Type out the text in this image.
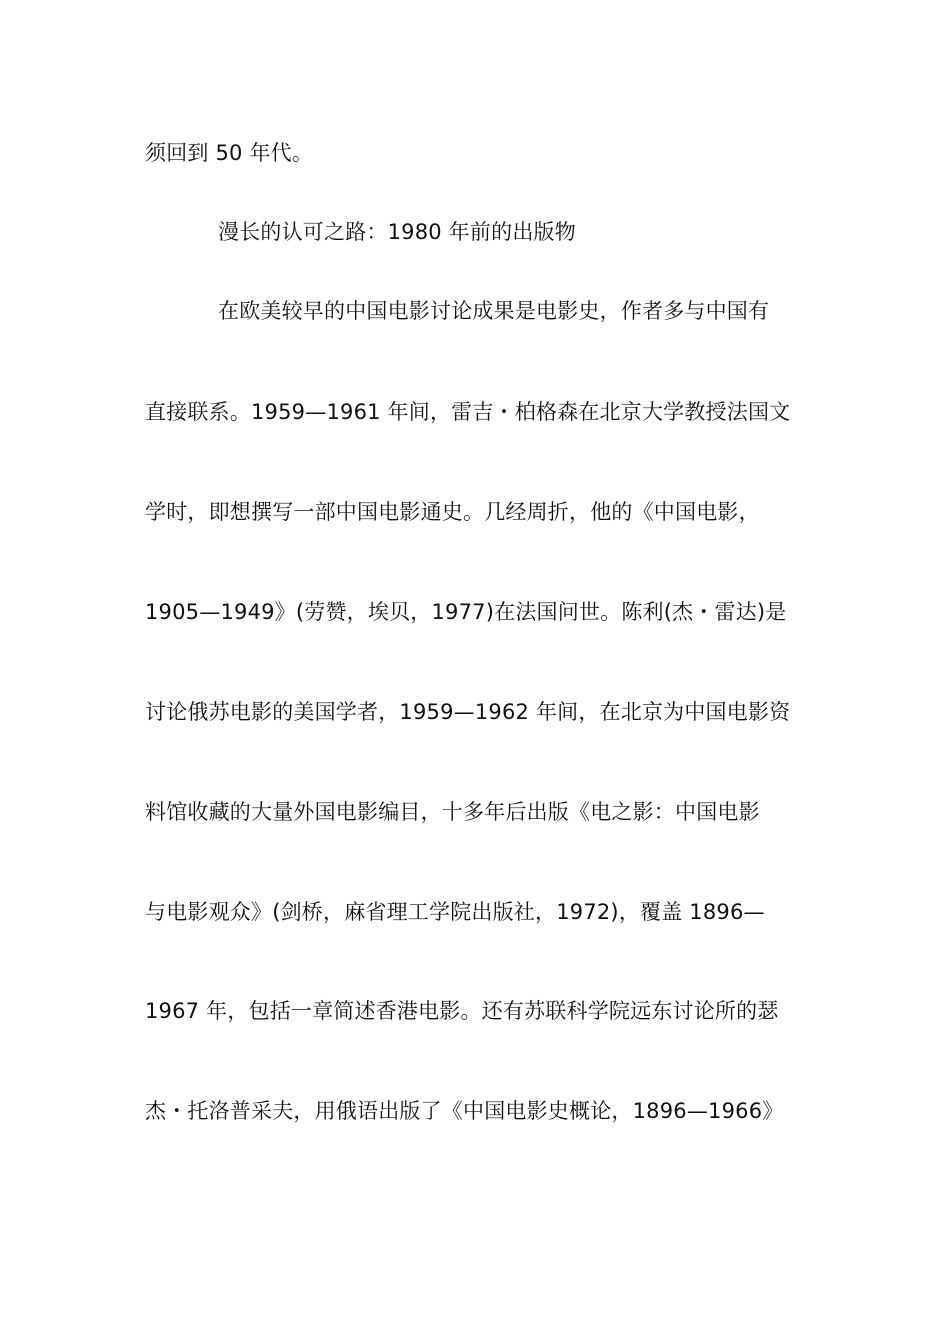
须回到 50 年代。
漫长的认可之路：1980 年前的出版物
在欧美较早的中国电影讨论成果是电影史，作者多与中国有
直接联系。1959—1961 年间，雷吉・柏格森在北京大学教授法国文
学时，即想撰写一部中国电影通史。几经周折，他的《中国电影，
1905—1949》(劳赞，埃贝，1977)在法国问世。陈利(杰・雷达)是
讨论俄苏电影的美国学者，1959—1962 年间，在北京为中国电影资
料馆收藏的大量外国电影编目，十多年后出版《电之影：中国电影
与电影观众》(剑桥，麻省理工学院出版社，1972)，覆盖 1896—
1967 年，包括一章简述香港电影。还有苏联科学院远东讨论所的瑟
杰・托洛普采夫，用俄语出版了《中国电影史概论，1896—1966》
